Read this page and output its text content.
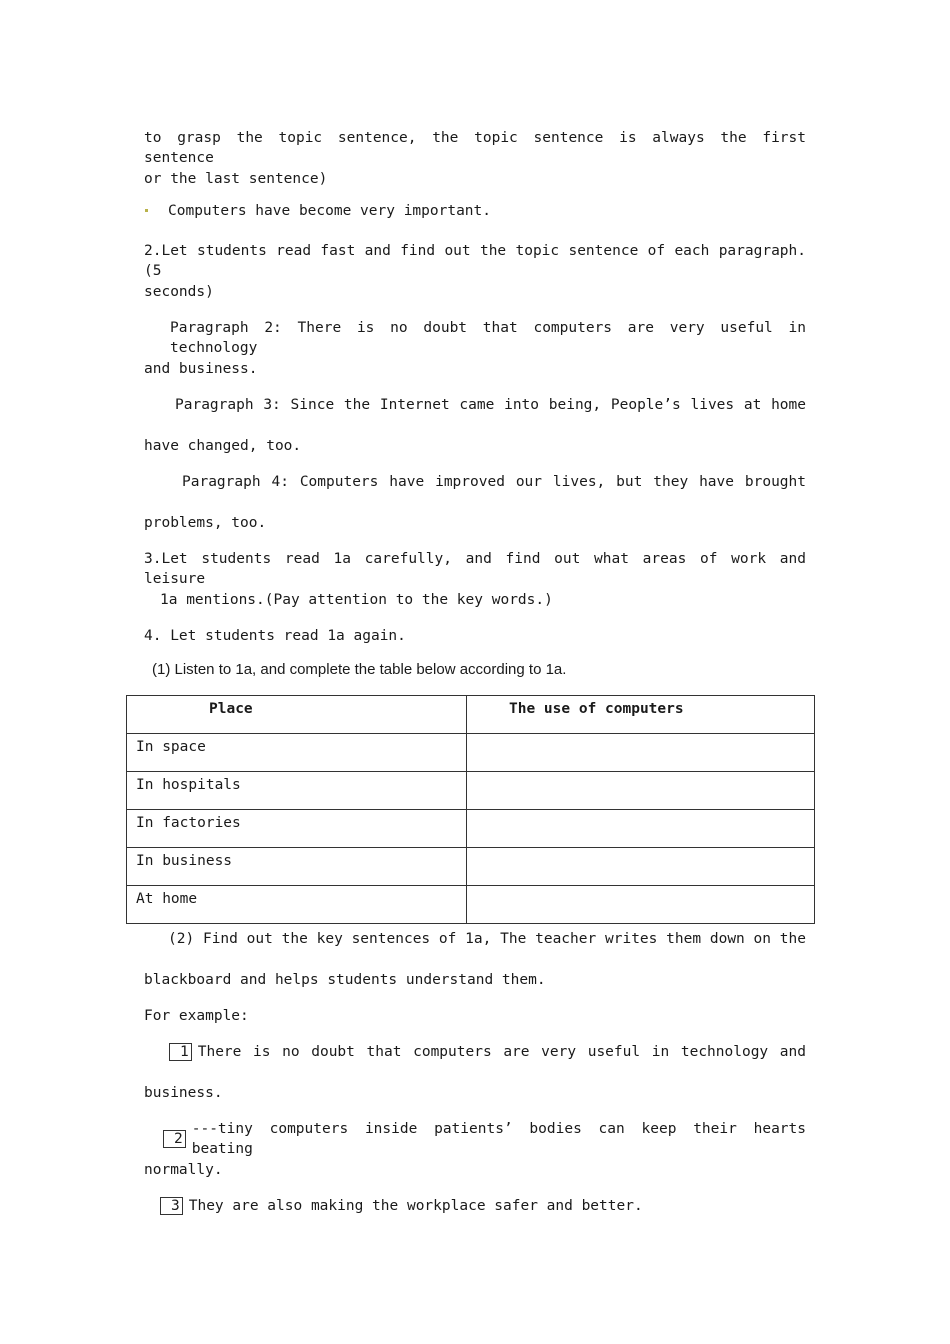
to grasp the topic sentence, the topic sentence is always the first sentence
or the last sentence)
Computers have become very important.
2.Let students read fast and find out the topic sentence of each paragraph. (5
seconds)
Paragraph 2: There is no doubt that computers are very useful in technology
and business.
Paragraph 3: Since the Internet came into being, People’s lives at home
have changed, too.
Paragraph 4: Computers have improved our lives, but they have brought
problems, too.
3.Let students read 1a carefully, and find out what areas of work and leisure
1a mentions.(Pay attention to the key words.)
4. Let students read 1a again.
(1) Listen to 1a, and complete the table below according to 1a.
Place	The use of computers
In space	
In hospitals	
In factories	
In business	
At home	
(2) Find out the key sentences of 1a, The teacher writes them down on the
blackboard and helps students understand them.
For example:
1 There is no doubt that computers are very useful in technology and
business.
2
---tiny computers inside patients’ bodies can keep their hearts beating
normally.
3 They are also making the workplace safer and better.
